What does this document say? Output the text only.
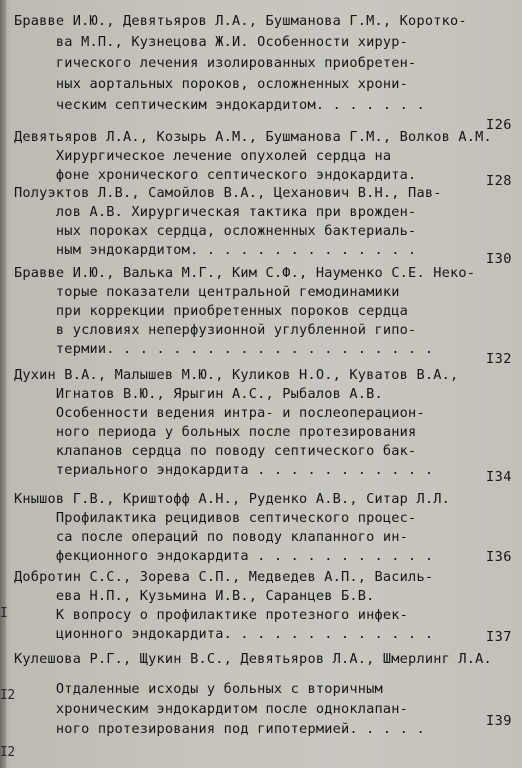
I
I2
I2
Бравве И.Ю., Девятьяров Л.А., Бушманова Г.М., Коротко-
ва М.П., Кузнецова Ж.И. Особенности хирур-
гического лечения изолированных приобретен-
ных аортальных пороков, осложненных хрони-
ческим септическим эндокардитом. . . . . . .
I26
Девятьяров Л.А., Козырь А.М., Бушманова Г.М., Волков А.М.
Хирургическое лечение опухолей сердца на
фоне хронического септического эндокардита.	I28
Полуэктов Л.В., Самойлов В.А., Цеханович В.Н., Пав-
лов А.В. Хирургическая тактика при врожден-
ных пороках сердца, осложненных бактериаль-
ным эндокардитом. . . . . . . . . . . . . .
I30
Бравве И.Ю., Валька М.Г., Ким С.Ф., Науменко С.Е. Неко-
торые показатели центральной гемодинамики
при коррекции приобретенных пороков сердца
в условиях неперфузионной углубленной гипо-
термии. . . . . . . . . . . . . . . . . . . .
I32
Духин В.А., Малышев М.Ю., Куликов Н.О., Куватов В.А.,
Игнатов В.Ю., Ярыгин А.С., Рыбалов А.В.
Особенности ведения интра- и послеоперацион-
ного периода у больных после протезирования
клапанов сердца по поводу септического бак-
териального эндокардита . . . . . . . . . . .	I34
Кнышов Г.В., Криштофф А.Н., Руденко А.В., Ситар Л.Л.
Профилактика рецидивов септического процес-
са после операций по поводу клапанного ин-
фекционного эндокардита . . . . . . . . . . .	I36
Добротин С.С., Зорева С.П., Медведев А.П., Василь-
ева Н.П., Кузьмина И.В., Саранцев Б.В.
К вопросу о профилактике протезного инфек-
ционного эндокардита. . . . . . . . . . . . .	I37
Кулешова Р.Г., Щукин В.С., Девятьяров Л.А., Шмерлинг Л.А.
Отдаленные исходы у больных с вторичным
хроническим эндокардитом после одноклапан-
ного протезирования под гипотермией. . . . .	I39
